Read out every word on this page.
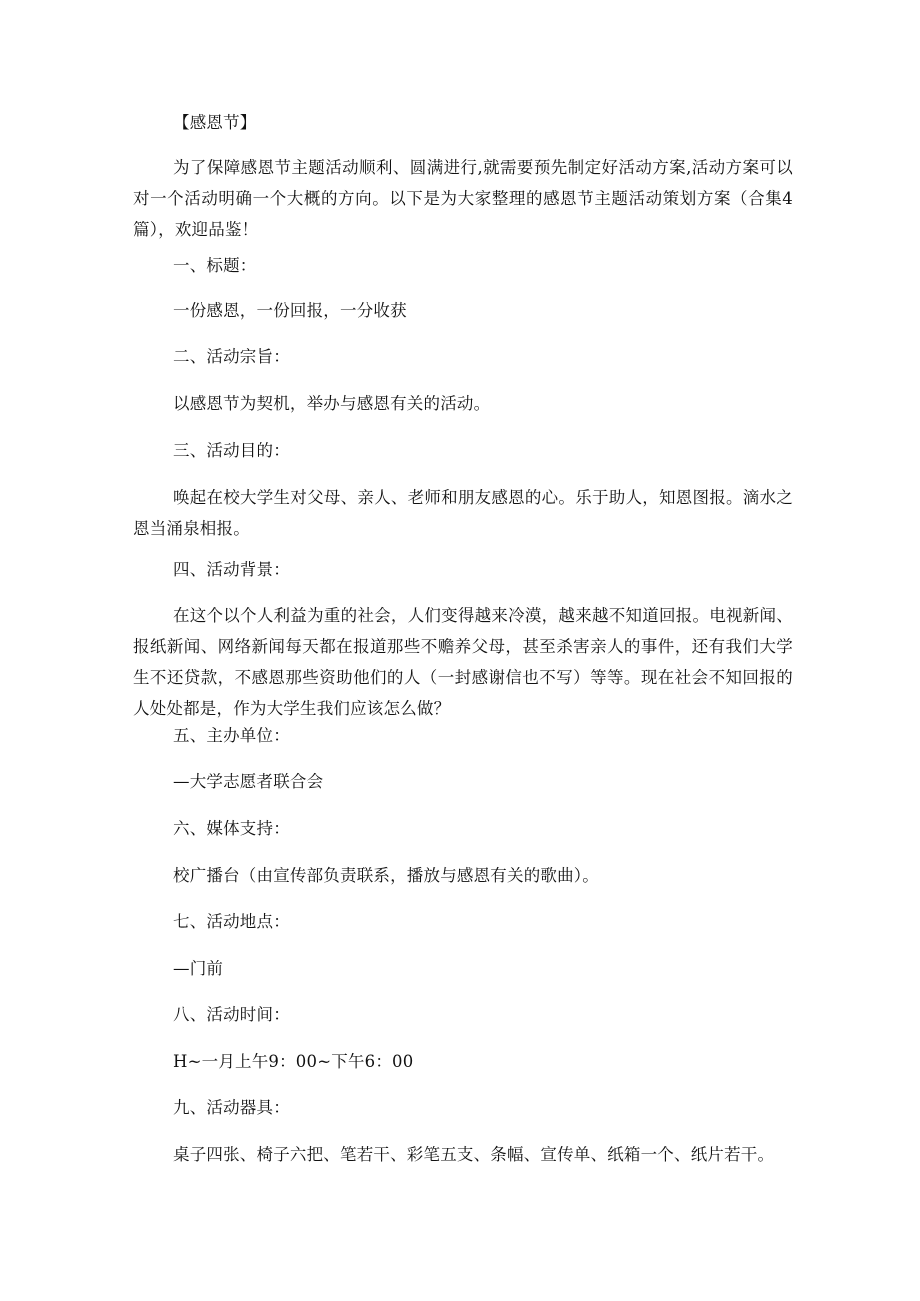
【感恩节】
为了保障感恩节主题活动顺利、圆满进行,就需要预先制定好活动方案,活动方案可以对一个活动明确一个大概的方向。以下是为大家整理的感恩节主题活动策划方案（合集4篇），欢迎品鉴！
一、标题：
一份感恩，一份回报，一分收获
二、活动宗旨：
以感恩节为契机，举办与感恩有关的活动。
三、活动目的：
唤起在校大学生对父母、亲人、老师和朋友感恩的心。乐于助人，知恩图报。滴水之恩当涌泉相报。
四、活动背景：
在这个以个人利益为重的社会，人们变得越来冷漠，越来越不知道回报。电视新闻、报纸新闻、网络新闻每天都在报道那些不赡养父母，甚至杀害亲人的事件，还有我们大学生不还贷款，不感恩那些资助他们的人（一封感谢信也不写）等等。现在社会不知回报的人处处都是，作为大学生我们应该怎么做？
五、主办单位：
—大学志愿者联合会
六、媒体支持：
校广播台（由宣传部负责联系，播放与感恩有关的歌曲）。
七、活动地点：
—门前
八、活动时间：
H~一月上午9：00~下午6：00
九、活动器具：
桌子四张、椅子六把、笔若干、彩笔五支、条幅、宣传单、纸箱一个、纸片若干。
